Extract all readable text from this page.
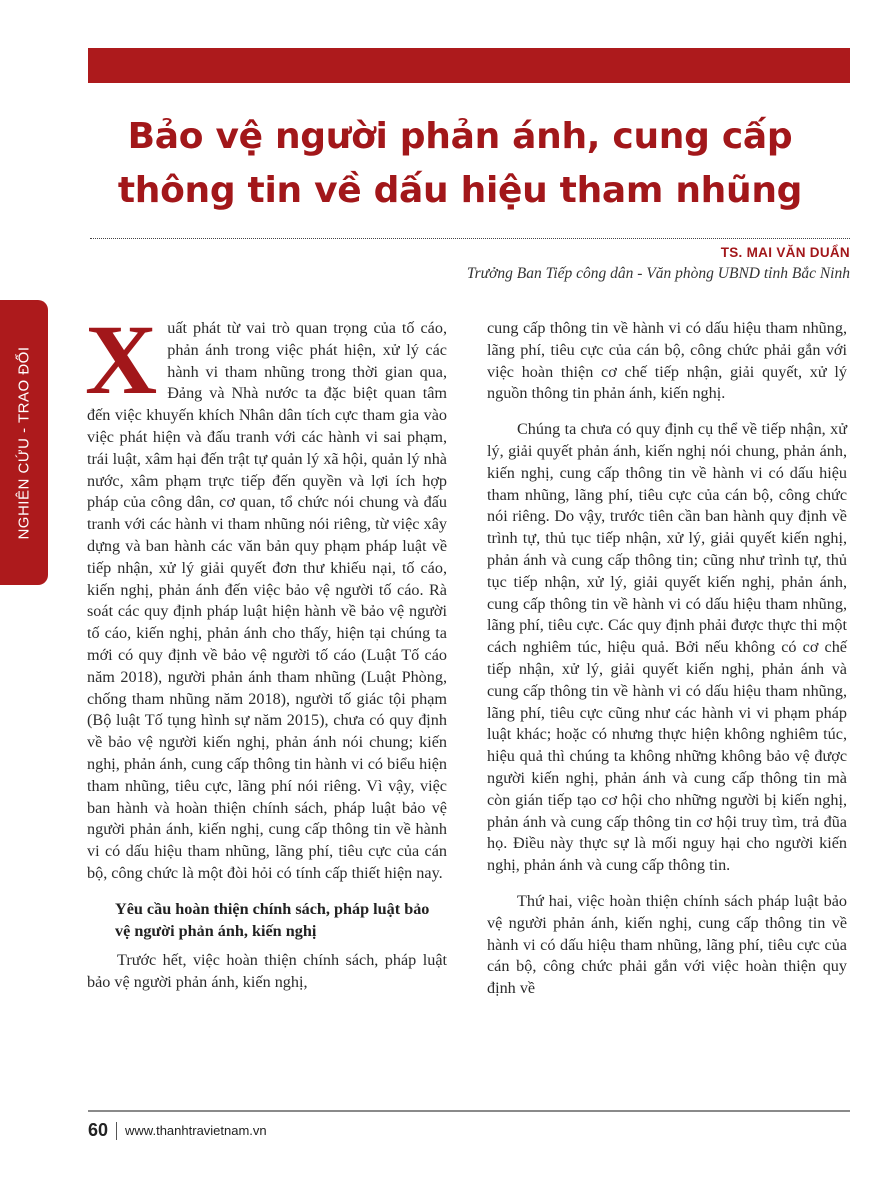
NGHIÊN CỨU - TRAO ĐỔI
Bảo vệ người phản ánh, cung cấp thông tin về dấu hiệu tham nhũng
TS. MAI VĂN DUẨN
Trưởng Ban Tiếp công dân - Văn phòng UBND tỉnh Bắc Ninh

Xuất phát từ vai trò quan trọng của tố cáo, phản ánh trong việc phát hiện, xử lý các hành vi tham nhũng trong thời gian qua, Đảng và Nhà nước ta đặc biệt quan tâm đến việc khuyến khích Nhân dân tích cực tham gia vào việc phát hiện và đấu tranh với các hành vi sai phạm, trái luật, xâm hại đến trật tự quản lý xã hội, quản lý nhà nước, xâm phạm trực tiếp đến quyền và lợi ích hợp pháp của công dân, cơ quan, tổ chức nói chung và đấu tranh với các hành vi tham nhũng nói riêng, từ việc xây dựng và ban hành các văn bản quy phạm pháp luật về tiếp nhận, xử lý giải quyết đơn thư khiếu nại, tố cáo, kiến nghị, phản ánh đến việc bảo vệ người tố cáo. Rà soát các quy định pháp luật hiện hành về bảo vệ người tố cáo, kiến nghị, phản ánh cho thấy, hiện tại chúng ta mới có quy định về bảo vệ người tố cáo (Luật Tố cáo năm 2018), người phản ánh tham nhũng (Luật Phòng, chống tham nhũng năm 2018), người tố giác tội phạm (Bộ luật Tố tụng hình sự năm 2015), chưa có quy định về bảo vệ người kiến nghị, phản ánh nói chung; kiến nghị, phản ánh, cung cấp thông tin hành vi có biểu hiện tham nhũng, tiêu cực, lãng phí nói riêng. Vì vậy, việc ban hành và hoàn thiện chính sách, pháp luật bảo vệ người phản ánh, kiến nghị, cung cấp thông tin về hành vi có dấu hiệu tham nhũng, lãng phí, tiêu cực của cán bộ, công chức là một đòi hỏi có tính cấp thiết hiện nay.

Yêu cầu hoàn thiện chính sách, pháp luật bảo vệ người phản ánh, kiến nghị

Trước hết, việc hoàn thiện chính sách, pháp luật bảo vệ người phản ánh, kiến nghị,

cung cấp thông tin về hành vi có dấu hiệu tham nhũng, lãng phí, tiêu cực của cán bộ, công chức phải gắn với việc hoàn thiện cơ chế tiếp nhận, giải quyết, xử lý nguồn thông tin phản ánh, kiến nghị.

Chúng ta chưa có quy định cụ thể về tiếp nhận, xử lý, giải quyết phản ánh, kiến nghị nói chung, phản ánh, kiến nghị, cung cấp thông tin về hành vi có dấu hiệu tham nhũng, lãng phí, tiêu cực của cán bộ, công chức nói riêng. Do vậy, trước tiên cần ban hành quy định về trình tự, thủ tục tiếp nhận, xử lý, giải quyết kiến nghị, phản ánh và cung cấp thông tin; cũng như trình tự, thủ tục tiếp nhận, xử lý, giải quyết kiến nghị, phản ánh, cung cấp thông tin về hành vi có dấu hiệu tham nhũng, lãng phí, tiêu cực. Các quy định phải được thực thi một cách nghiêm túc, hiệu quả. Bởi nếu không có cơ chế tiếp nhận, xử lý, giải quyết kiến nghị, phản ánh và cung cấp thông tin về hành vi có dấu hiệu tham nhũng, lãng phí, tiêu cực cũng như các hành vi vi phạm pháp luật khác; hoặc có nhưng thực hiện không nghiêm túc, hiệu quả thì chúng ta không những không bảo vệ được người kiến nghị, phản ánh và cung cấp thông tin mà còn gián tiếp tạo cơ hội cho những người bị kiến nghị, phản ánh và cung cấp thông tin cơ hội truy tìm, trả đũa họ. Điều này thực sự là mối nguy hại cho người kiến nghị, phản ánh và cung cấp thông tin.

Thứ hai, việc hoàn thiện chính sách pháp luật bảo vệ người phản ánh, kiến nghị, cung cấp thông tin về hành vi có dấu hiệu tham nhũng, lãng phí, tiêu cực của cán bộ, công chức phải gắn với việc hoàn thiện quy định về

60 www.thanhtravietnam.vn
